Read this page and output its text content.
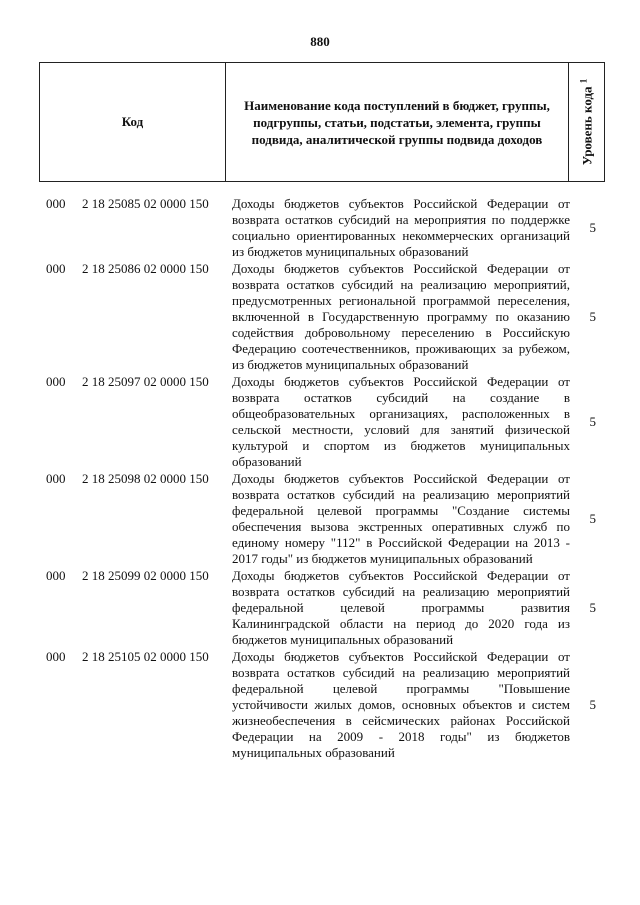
880
Код
Наименование кода поступлений в бюджет, группы, подгруппы, статьи, подстатьи, элемента, группы подвида, аналитической группы подвида доходов	Уровень кода $^1$
000 2 18 25085 02 0000 150 Доходы бюджетов субъектов Российской Федерации от возврата остатков субсидий на мероприятия по поддержке социально ориентированных некоммерческих организаций из бюджетов муниципальных образований
5
000 2 18 25086 02 0000 150 Доходы бюджетов субъектов Российской Федерации от возврата остатков субсидий на реализацию мероприятий, предусмотренных региональной программой переселения, включенной в Государственную программу по оказанию содействия добровольному переселению в Российскую Федерацию соотечественников, проживающих за рубежом, из бюджетов муниципальных образований
5
000 2 18 25097 02 0000 150 Доходы бюджетов субъектов Российской Федерации от возврата остатков субсидий на создание в общеобразовательных организациях, расположенных в сельской местности, условий для занятий физической культурой и спортом из бюджетов муниципальных образований
5
000 2 18 25098 02 0000 150 Доходы бюджетов субъектов Российской Федерации от возврата остатков субсидий на реализацию мероприятий федеральной целевой программы "Создание системы обеспечения вызова экстренных оперативных служб по единому номеру "112" в Российской Федерации на 2013 - 2017 годы" из бюджетов муниципальных образований
5
000 2 18 25099 02 0000 150 Доходы бюджетов субъектов Российской Федерации от возврата остатков субсидий на реализацию мероприятий федеральной целевой программы развития Калининградской области на период до 2020 года из бюджетов муниципальных образований
5
000 2 18 25105 02 0000 150 Доходы бюджетов субъектов Российской Федерации от возврата остатков субсидий на реализацию мероприятий федеральной целевой программы "Повышение устойчивости жилых домов, основных объектов и систем жизнеобеспечения в сейсмических районах Российской Федерации на 2009 - 2018 годы" из бюджетов муниципальных образований
5
